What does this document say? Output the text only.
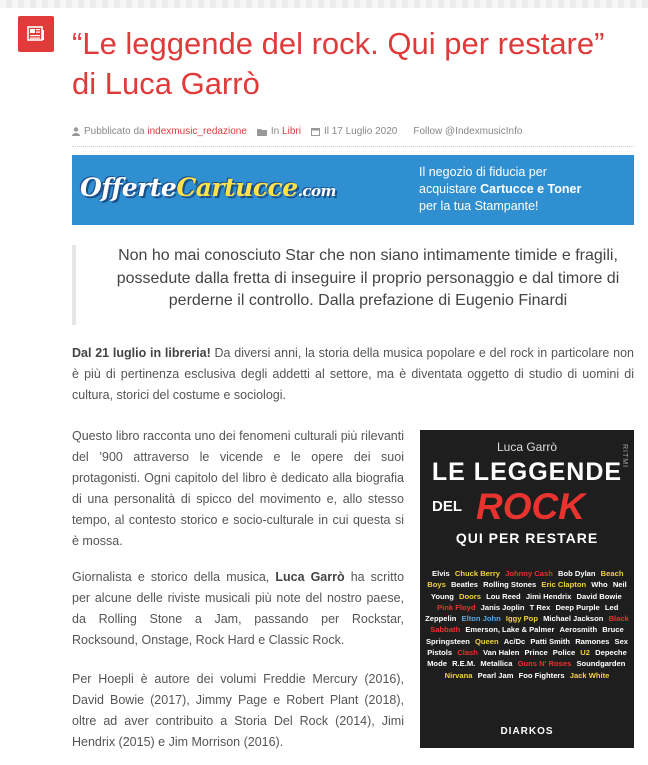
“Le leggende del rock. Qui per restare” di Luca Garrò
Pubblicato da
indexmusic_redazione In
Libri Il 17 Luglio 2020 Follow @IndexmusicInfo
OfferteCartucce.com
Il negozio di fiducia per
acquistare Cartucce e Toner
per la tua Stampante!

Non ho mai conosciuto Star che non siano intimamente timide e fragili, possedute dalla fretta di inseguire il proprio personaggio e dal timore di perderne il controllo. Dalla prefazione di Eugenio Finardi

Dal 21 luglio in libreria! Da diversi anni, la storia della musica popolare e del rock in particolare non è più di pertinenza esclusiva degli addetti al settore, ma è diventata oggetto di studio di uomini di cultura, storici del costume e sociologi.

Questo libro racconta uno dei fenomeni culturali più rilevanti del ’900 attraverso le vicende e le opere dei suoi protagonisti. Ogni capitolo del libro è dedicato alla biografia di una personalità di spicco del movimento e, allo stesso tempo, al contesto storico e socio-culturale in cui questa si è mossa.

Giornalista e storico della musica, Luca Garrò ha scritto per alcune delle riviste musicali più note del nostro paese, da Rolling Stone a Jam, passando per Rockstar, Rocksound, Onstage, Rock Hard e Classic Rock.

Per Hoepli è autore dei volumi Freddie Mercury (2016), David Bowie (2017), Jimmy Page e Robert Plant (2018), oltre ad aver contribuito a Storia Del Rock (2014), Jimi Hendrix (2015) e Jim Morrison (2016).

Luca Garrò	RITMI
LE LEGGENDE
DEL ROCK
QUI PER RESTARE
Elvis Chuck Berry Johnny Cash Bob Dylan Beach Boys Beatles Rolling Stones Eric Clapton Who Neil Young Doors Lou Reed Jimi Hendrix David Bowie Pink Floyd Janis Joplin T Rex Deep Purple Led Zeppelin Elton John Iggy Pop Michael Jackson Black Sabbath Emerson, Lake & Palmer Aerosmith Bruce Springsteen Queen Ac/Dc Patti Smith Ramones Sex Pistols Clash Van Halen Prince Police U2 Depeche Mode R.E.M. Metallica Guns N' Roses Soundgarden Nirvana Pearl Jam Foo Fighters Jack White
DIARKOS
